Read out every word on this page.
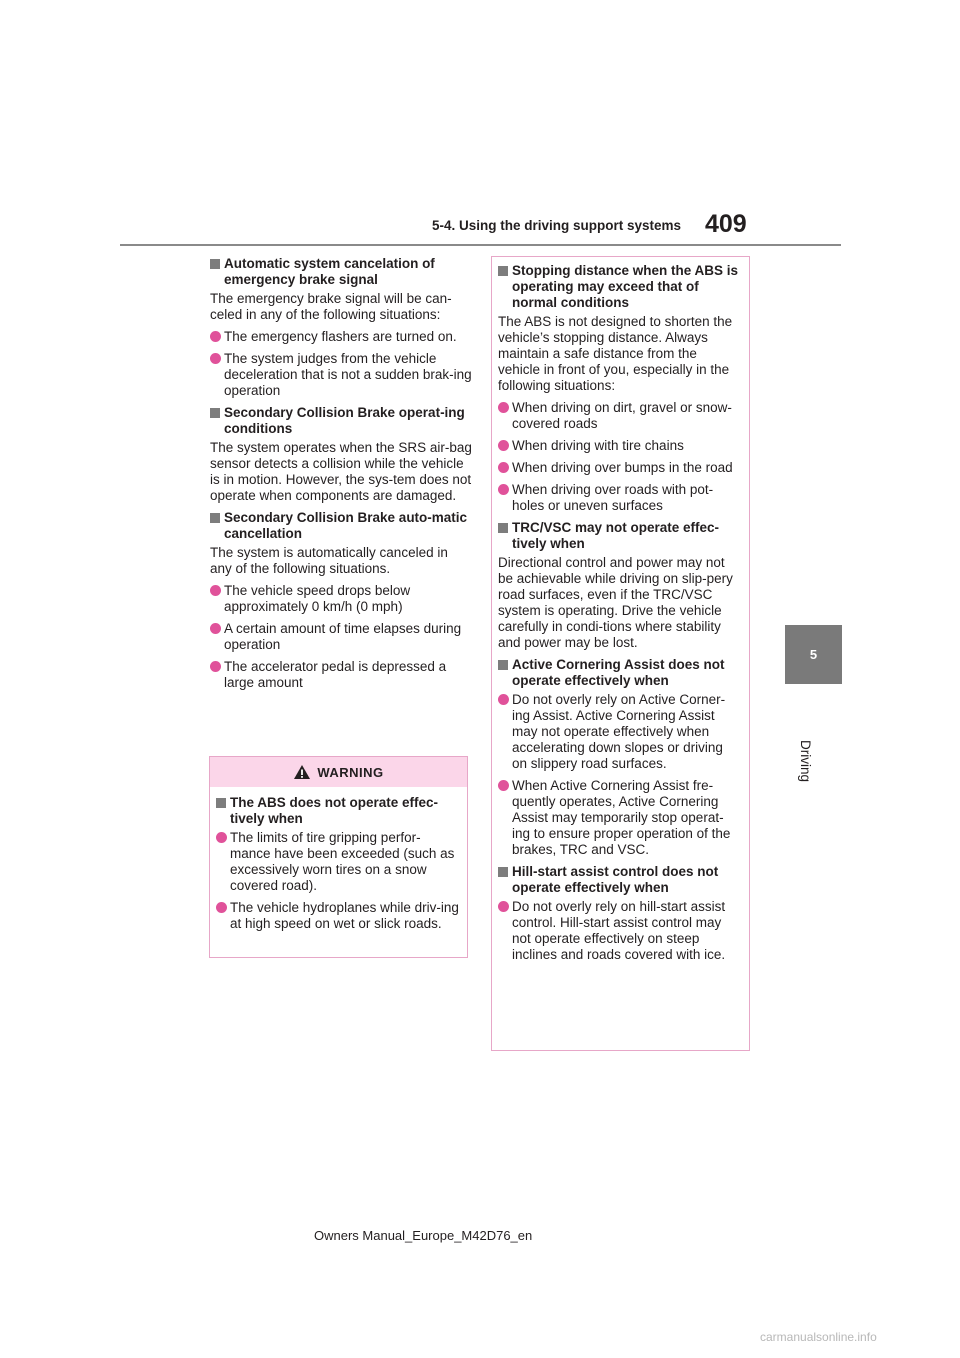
5-4. Using the driving support systems 409
5
Driving
Automatic system cancelation of emergency brake signal
The emergency brake signal will be can-celed in any of the following situations:
The emergency flashers are turned on.
The system judges from the vehicle deceleration that is not a sudden brak-ing operation
Secondary Collision Brake operat-ing conditions
The system operates when the SRS air-bag sensor detects a collision while the vehicle is in motion. However, the sys-tem does not operate when components are damaged.
Secondary Collision Brake auto-matic cancellation
The system is automatically canceled in any of the following situations.
The vehicle speed drops below approximately 0 km/h (0 mph)
A certain amount of time elapses during operation
The accelerator pedal is depressed a large amount
WARNING
The ABS does not operate effec-tively when
The limits of tire gripping perfor-mance have been exceeded (such as excessively worn tires on a snow covered road).
The vehicle hydroplanes while driv-ing at high speed on wet or slick roads.
Stopping distance when the ABS is operating may exceed that of normal conditions
The ABS is not designed to shorten the vehicle’s stopping distance. Always maintain a safe distance from the vehicle in front of you, especially in the following situations:
When driving on dirt, gravel or snow-covered roads
When driving with tire chains
When driving over bumps in the road
When driving over roads with pot-holes or uneven surfaces
TRC/VSC may not operate effec-tively when
Directional control and power may not be achievable while driving on slip-pery road surfaces, even if the TRC/VSC system is operating. Drive the vehicle carefully in condi-tions where stability and power may be lost.
Active Cornering Assist does not operate effectively when
Do not overly rely on Active Corner-ing Assist. Active Cornering Assist may not operate effectively when accelerating down slopes or driving on slippery road surfaces.
When Active Cornering Assist fre-quently operates, Active Cornering Assist may temporarily stop operat-ing to ensure proper operation of the brakes, TRC and VSC.
Hill-start assist control does not operate effectively when
Do not overly rely on hill-start assist control. Hill-start assist control may not operate effectively on steep inclines and roads covered with ice.
Owners Manual_Europe_M42D76_en
carmanualsonline.info
